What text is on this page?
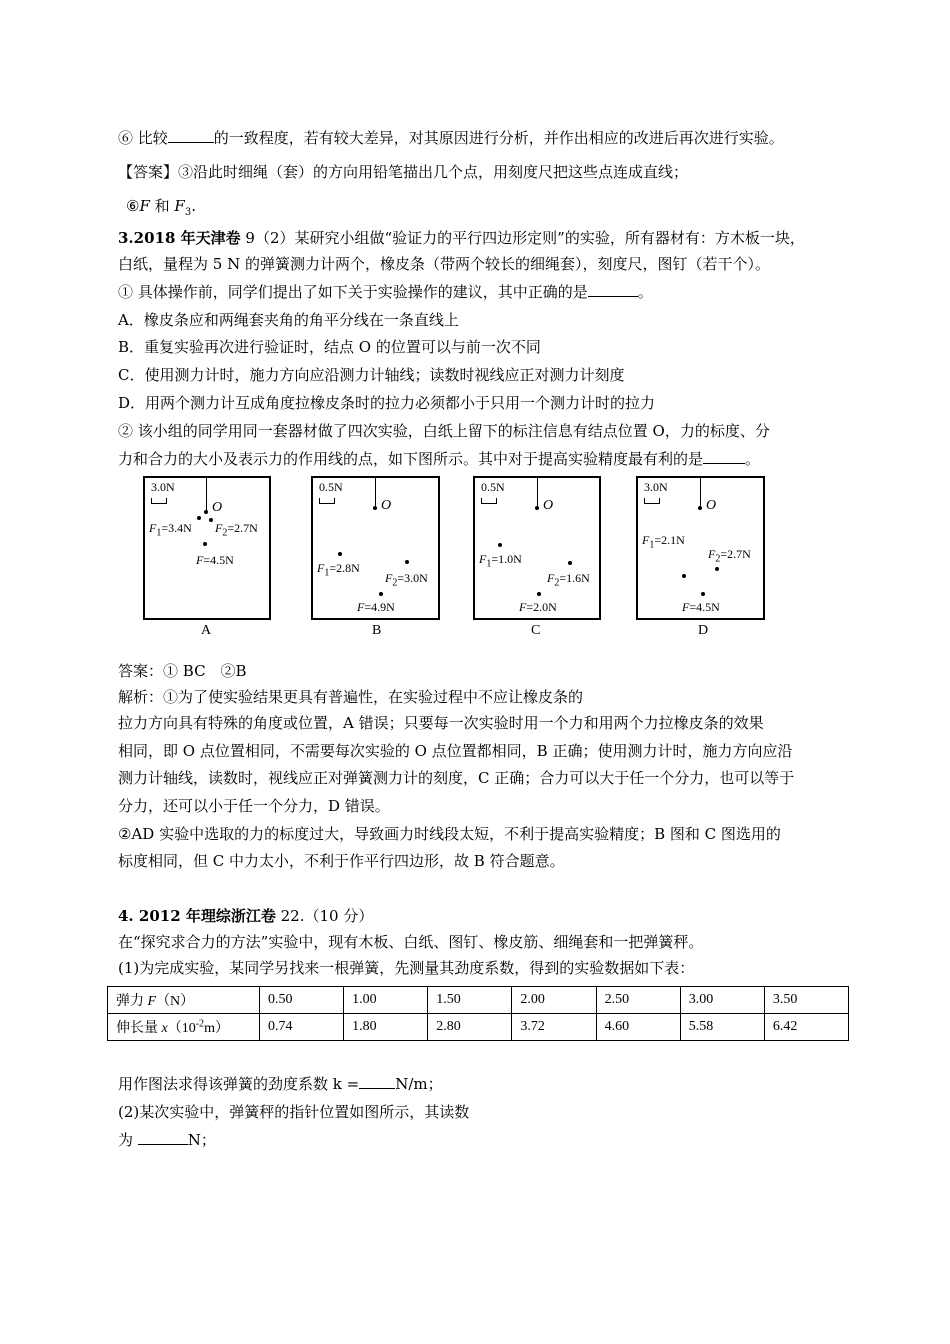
⑥ 比较	的一致程度，若有较大差异，对其原因进行分析，并作出相应的改进后再次进行实验。
【答案】③沿此时细绳（套）的方向用铅笔描出几个点，用刻度尺把这些点连成直线；
⑥F 和 $F_3$.
3.2018 年天津卷 9（2）某研究小组做“验证力的平行四边形定则”的实验，所有器材有：方木板一块，
白纸，量程为 5 N 的弹簧测力计两个，橡皮条（带两个较长的细绳套），刻度尺，图钉（若干个）。
① 具体操作前，同学们提出了如下关于实验操作的建议，其中正确的是	。
A．橡皮条应和两绳套夹角的角平分线在一条直线上
B．重复实验再次进行验证时，结点 O 的位置可以与前一次不同
C．使用测力计时，施力方向应沿测力计轴线；读数时视线应正对测力计刻度
D．用两个测力计互成角度拉橡皮条时的拉力必须都小于只用一个测力计时的拉力
② 该小组的同学用同一套器材做了四次实验，白纸上留下的标注信息有结点位置 O，力的标度、分
力和合力的大小及表示力的作用线的点，如下图所示。其中对于提高实验精度最有利的是	。
3.0N
O
$F_1=3.4N$ $F_2=2.7N$
F=4.5N
A
0.5N
O
$F_1=2.8N$
$F_2=3.0N$
F=4.9N
B
0.5N
O
$F_1=1.0N$
$F_2=1.6N$
F=2.0N
C
3.0N
O
$F_1=2.1N$
$F_2=2.7N$
F=4.5N
D
答案：① BC　②B
解析：①为了使实验结果更具有普遍性，在实验过程中不应让橡皮条的
拉力方向具有特殊的角度或位置，A 错误；只要每一次实验时用一个力和用两个力拉橡皮条的效果
相同，即 O 点位置相同，不需要每次实验的 O 点位置都相同，B 正确；使用测力计时，施力方向应沿
测力计轴线，读数时，视线应正对弹簧测力计的刻度，C 正确；合力可以大于任一个分力，也可以等于
分力，还可以小于任一个分力，D 错误。
②AD 实验中选取的力的标度过大，导致画力时线段太短，不利于提高实验精度；B 图和 C 图选用的
标度相同，但 C 中力太小，不利于作平行四边形，故 B 符合题意。
4. 2012 年理综浙江卷 22.（10 分）
在“探究求合力的方法”实验中，现有木板、白纸、图钉、橡皮筋、细绳套和一把弹簧秤。
(1)为完成实验，某同学另找来一根弹簧，先测量其劲度系数，得到的实验数据如下表：
弹力 F（N）	0.50	1.00	1.50	2.00	2.50	3.00	3.50
伸长量 $x(10^{-2}m)$	0.74	1.80	2.80	3.72	4.60	5.58	6.42
用作图法求得该弹簧的劲度系数 k = N/m；
(2)某次实验中，弹簧秤的指针位置如图所示，其读数
为	N；
